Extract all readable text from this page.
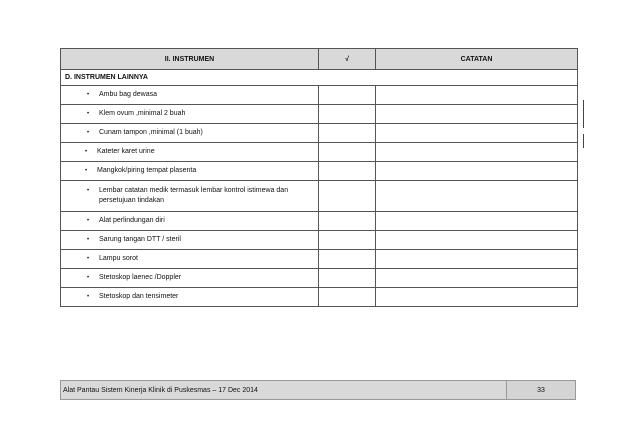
II. INSTRUMEN	√	CATATAN
D. INSTRUMEN LAINNYA		

• Ambu bag dewasa		

• Klem ovum ,minimal 2 buah		

• Cunam tampon ,minimal (1 buah)		

• Kateter karet urine		

• Mangkok/piring tempat plasenta		

• Lembar catatan medik termasuk lembar kontrol istimewa dan persetujuan tindakan		

• Alat perlindungan diri		

• Sarung tangan DTT / steril		

• Lampu sorot		

• Stetoskop laenec /Doppler		

• Stetoskop dan tensimeter		

Alat Pantau Sistem Kinerja Klinik di Puskesmas – 17 Dec 2014	33
